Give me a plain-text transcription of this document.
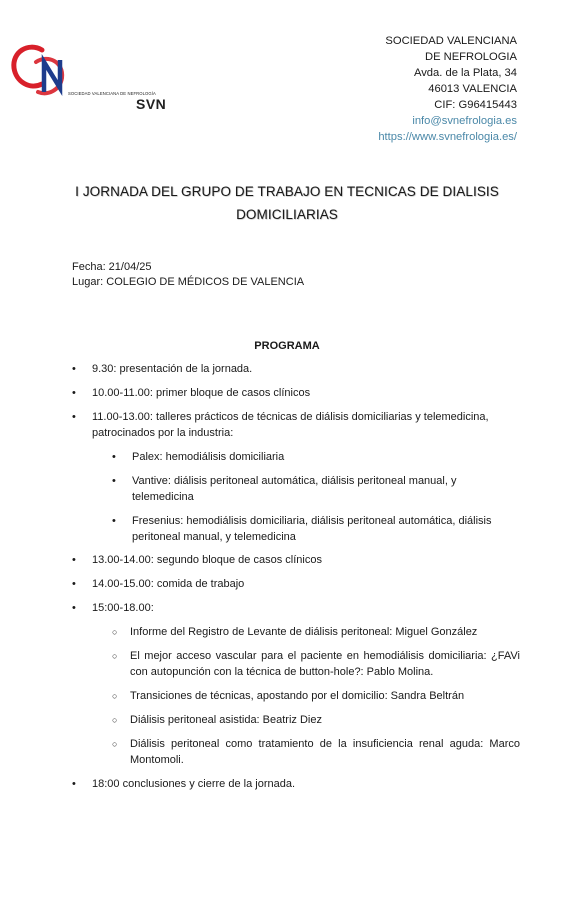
SOCIEDAD VALENCIANA DE NEFROLOGÍA
SVN
SOCIEDAD VALENCIANA
DE NEFROLOGIA
Avda. de la Plata, 34
46013 VALENCIA
CIF: G96415443
info@svnefrologia.es
https://www.svnefrologia.es/
I JORNADA DEL GRUPO DE TRABAJO EN TECNICAS DE DIALISIS
DOMICILIARIAS
Fecha: 21/04/25
Lugar: COLEGIO DE MÉDICOS DE VALENCIA
PROGRAMA
• 9.30: presentación de la jornada.
• 10.00-11.00: primer bloque de casos clínicos
• 11.00-13.00: talleres prácticos de técnicas de diálisis domiciliarias y telemedicina, patrocinados por la industria:
• Palex: hemodiálisis domiciliaria
• Vantive: diálisis peritoneal automática, diálisis peritoneal manual, y telemedicina
• Fresenius: hemodiálisis domiciliaria, diálisis peritoneal automática, diálisis peritoneal manual, y telemedicina
• 13.00-14.00: segundo bloque de casos clínicos
• 14.00-15.00: comida de trabajo
• 15:00-18.00:
○ Informe del Registro de Levante de diálisis peritoneal: Miguel González
○ El mejor acceso vascular para el paciente en hemodiálisis domiciliaria: ¿FAVi con autopunción con la técnica de button-hole?: Pablo Molina.
○ Transiciones de técnicas, apostando por el domicilio: Sandra Beltrán
○ Diálisis peritoneal asistida: Beatriz Diez
○ Diálisis peritoneal como tratamiento de la insuficiencia renal aguda: Marco Montomoli.
• 18:00 conclusiones y cierre de la jornada.
